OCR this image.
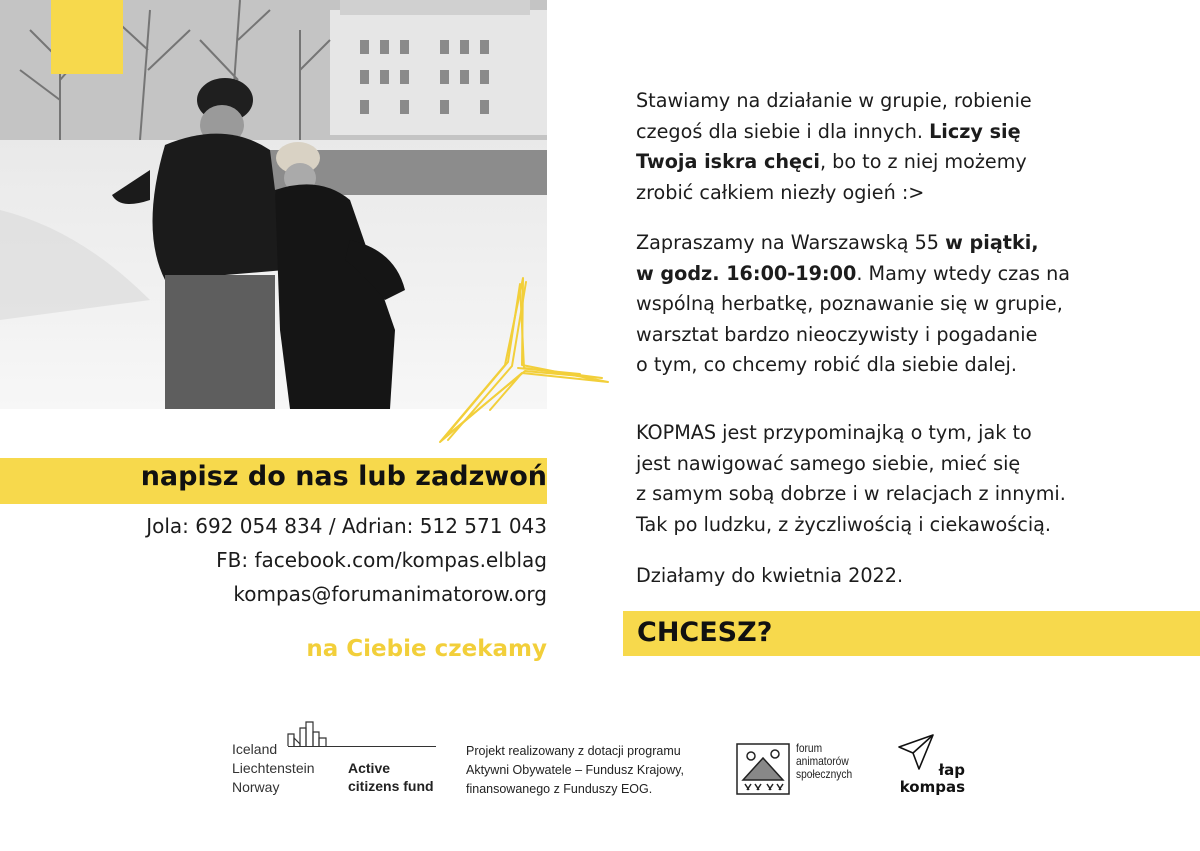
napisz do nas lub zadzwoń
Jola: 692 054 834 / Adrian: 512 571 043
FB: facebook.com/kompas.elblag
kompas@forumanimatorow.org
na Ciebie czekamy
Stawiamy na działanie w grupie, robienie
czegoś dla siebie i dla innych. Liczy się
Twoja iskra chęci, bo to z niej możemy
zrobić całkiem niezły ogień :>
Zapraszamy na Warszawską 55 w piątki,
w godz. 16:00-19:00. Mamy wtedy czas na
wspólną herbatkę, poznawanie się w grupie,
warsztat bardzo nieoczywisty i pogadanie
o tym, co chcemy robić dla siebie dalej.
KOPMAS jest przypominajką o tym, jak to
jest nawigować samego siebie, mieć się
z samym sobą dobrze i w relacjach z innymi.
Tak po ludzku, z życzliwością i ciekawością.
Działamy do kwietnia 2022.
CHCESZ?
Iceland
Liechtenstein
Norway
Active
citizens fund
Projekt realizowany z dotacji programu
Aktywni Obywatele – Fundusz Krajowy,
finansowanego z Funduszy EOG.
forum
animatorów
społecznych	łap
kompas
